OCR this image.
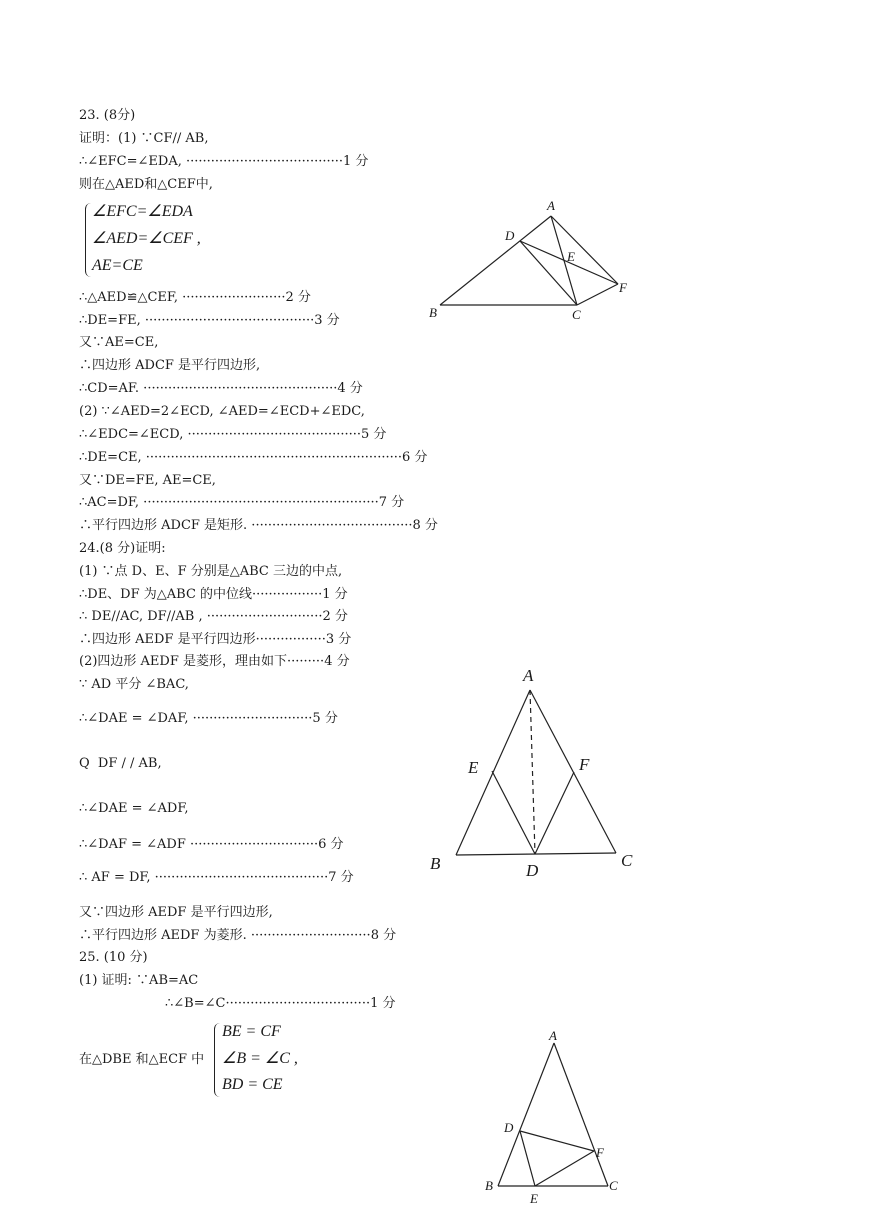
23. (8分)
证明：(1) ∵CF// AB,
∴∠EFC=∠EDA, ······································1 分
则在△AED和△CEF中,
∠EFC=∠EDA
∠AED=∠CEF ,
AE=CE
∴△AED≌△CEF, ·························2 分
∴DE=FE, ·········································3 分
又∵AE=CE,
∴四边形 ADCF 是平行四边形,
∴CD=AF. ···············································4 分
(2) ∵∠AED=2∠ECD, ∠AED=∠ECD+∠EDC,
∴∠EDC=∠ECD, ··········································5 分
∴DE=CE, ······························································6 分
又∵DE=FE, AE=CE,
∴AC=DF, ·························································7 分
∴平行四边形 ADCF 是矩形. ·······································8 分
A
B	C
D
E
F
24.(8 分)证明:
(1) ∵点 D、E、F 分别是△ABC 三边的中点,
∴DE、DF 为△ABC 的中位线·················1 分
∴ DE//AC, DF//AB , ····························2 分
∴四边形 AEDF 是平行四边形·················3 分
(2)四边形 AEDF 是菱形，理由如下·········4 分
∵ AD 平分 ∠BAC,
∴∠DAE = ∠DAF, ·····························5 分
Q  DF / / AB,
∴∠DAE = ∠ADF,
∴∠DAF = ∠ADF ·······························6 分
∴ AF = DF, ··········································7 分
又∵四边形 AEDF 是平行四边形,
∴平行四边形 AEDF 为菱形. ·····························8 分
A
B	C
D
E	F
25. (10 分)
(1) 证明: ∵AB=AC
∴∠B=∠C···································1 分
在△DBE 和△ECF 中
BE = CF
∠B = ∠C ,
BD = CE
A
B	C
D
E
F
